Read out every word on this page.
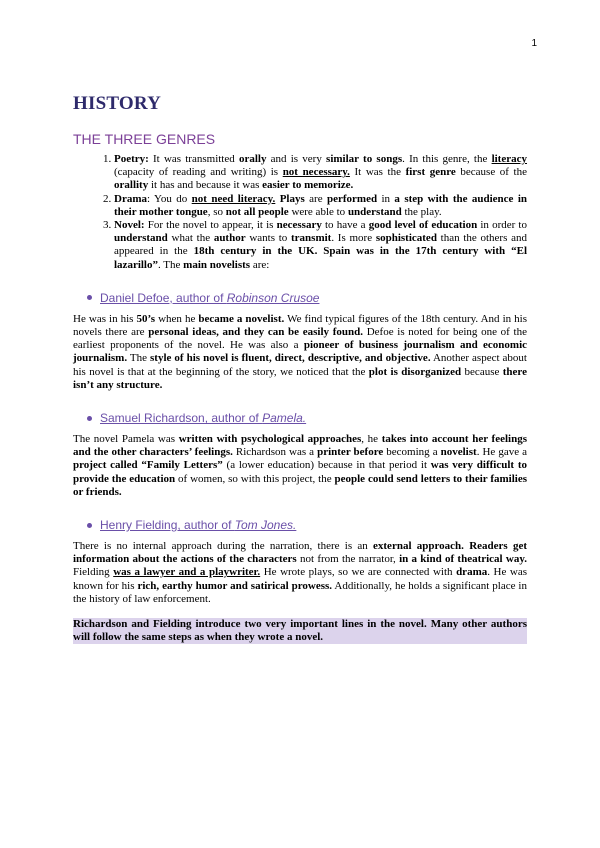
1
HISTORY
THE THREE GENRES
1. Poetry: It was transmitted orally and is very similar to songs. In this genre, the literacy (capacity of reading and writing) is not necessary. It was the first genre because of the orallity it has and because it was easier to memorize.
2. Drama: You do not need literacy. Plays are performed in a step with the audience in their mother tongue, so not all people were able to understand the play.
3. Novel: For the novel to appear, it is necessary to have a good level of education in order to understand what the author wants to transmit. Is more sophisticated than the others and appeared in the 18th century in the UK. Spain was in the 17th century with “El lazarillo”. The main novelists are:
Daniel Defoe, author of Robinson Crusoe

He was in his 50’s when he became a novelist. We find typical figures of the 18th century. And in his novels there are personal ideas, and they can be easily found. Defoe is noted for being one of the earliest proponents of the novel. He was also a pioneer of business journalism and economic journalism. The style of his novel is fluent, direct, descriptive, and objective. Another aspect about his novel is that at the beginning of the story, we noticed that the plot is disorganized because there isn’t any structure.

Samuel Richardson, author of Pamela.

The novel Pamela was written with psychological approaches, he takes into account her feelings and the other characters’ feelings. Richardson was a printer before becoming a novelist. He gave a project called “Family Letters” (a lower education) because in that period it was very difficult to provide the education of women, so with this project, the people could send letters to their families or friends.

Henry Fielding, author of Tom Jones.

There is no internal approach during the narration, there is an external approach. Readers get information about the actions of the characters not from the narrator, in a kind of theatrical way. Fielding was a lawyer and a playwriter. He wrote plays, so we are connected with drama. He was known for his rich, earthy humor and satirical prowess. Additionally, he holds a significant place in the history of law enforcement.

Richardson and Fielding introduce two very important lines in the novel. Many other authors will follow the same steps as when they wrote a novel.
